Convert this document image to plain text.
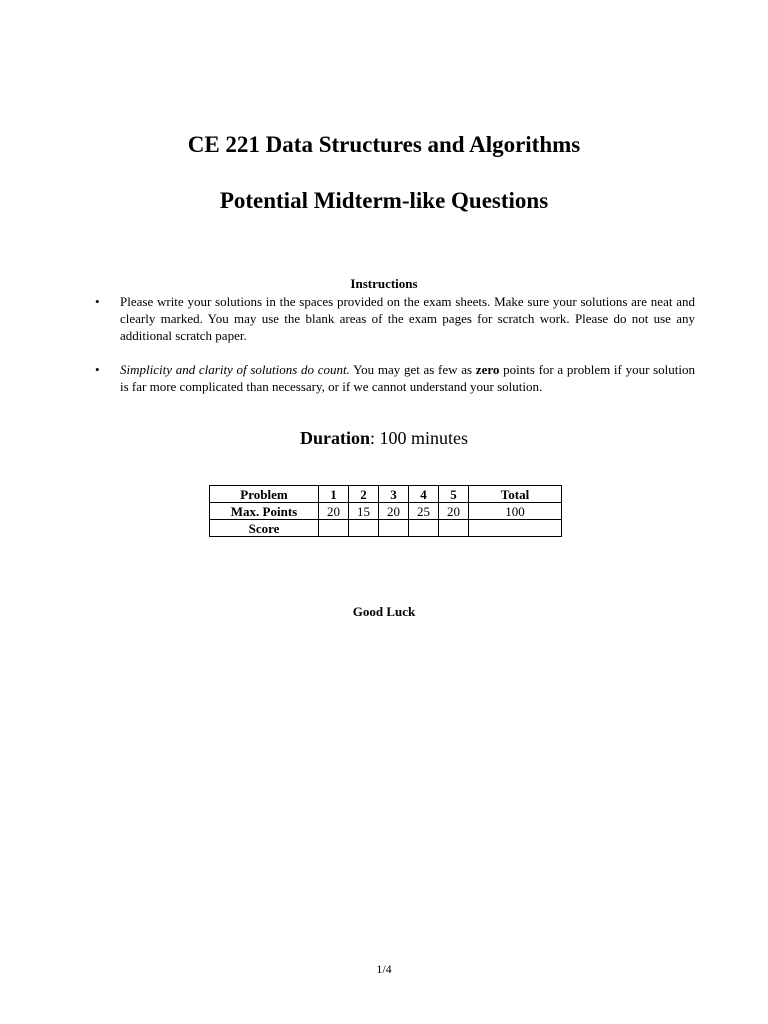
CE 221 Data Structures and Algorithms
Potential Midterm-like Questions
Instructions
• Please write your solutions in the spaces provided on the exam sheets. Make sure your solutions are neat and clearly marked. You may use the blank areas of the exam pages for scratch work. Please do not use any additional scratch paper.
• Simplicity and clarity of solutions do count. You may get as few as zero points for a problem if your solution is far more complicated than necessary, or if we cannot understand your solution.
Duration: 100 minutes
Problem	1	2	3	4	5	Total
Max. Points	20	15	20	25	20	100
Score						
Good Luck
1/4
